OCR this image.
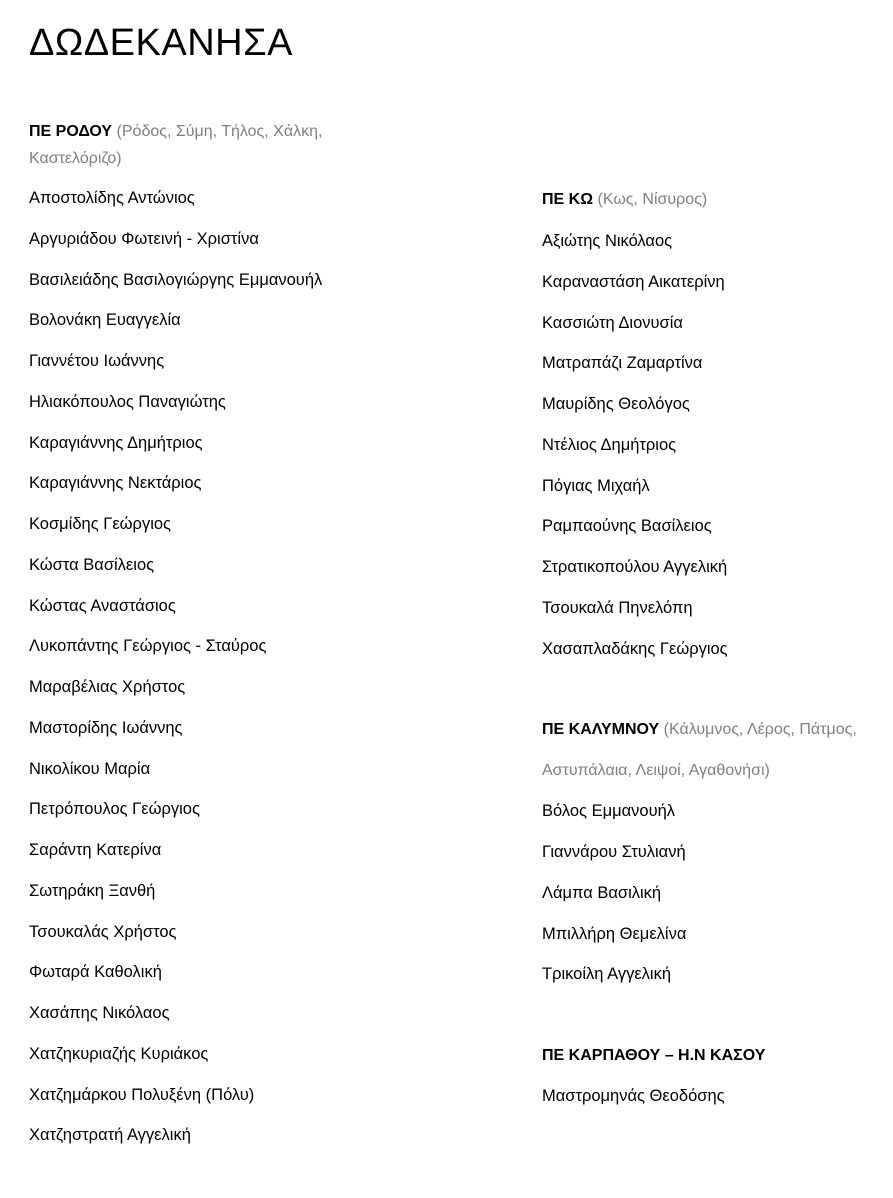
ΔΩΔΕΚΑΝΗΣΑ
ΠΕ ΡΟΔΟΥ (Ρόδος, Σύμη, Τήλος, Χάλκη, Καστελόριζο)
Αποστολίδης Αντώνιος
Αργυριάδου Φωτεινή - Χριστίνα
Βασιλειάδης Βασιλογιώργης Εμμανουήλ
Βολονάκη Ευαγγελία
Γιαννέτου Ιωάννης
Ηλιακόπουλος Παναγιώτης
Καραγιάννης Δημήτριος
Καραγιάννης Νεκτάριος
Κοσμίδης Γεώργιος
Κώστα Βασίλειος
Κώστας Αναστάσιος
Λυκοπάντης Γεώργιος - Σταύρος
Μαραβέλιας Χρήστος
Μαστορίδης Ιωάννης
Νικολίκου Μαρία
Πετρόπουλος Γεώργιος
Σαράντη Κατερίνα
Σωτηράκη Ξανθή
Τσουκαλάς Χρήστος
Φωταρά Καθολική
Χασάπης Νικόλαος
Χατζηκυριαζής Κυριάκος
Χατζημάρκου Πολυξένη (Πόλυ)
Χατζηστρατή Αγγελική
ΠΕ ΚΩ (Κως, Νίσυρος)
Αξιώτης Νικόλαος
Καραναστάση Αικατερίνη
Κασσιώτη Διονυσία
Ματραπάζι Ζαμαρτίνα
Μαυρίδης Θεολόγος
Ντέλιος Δημήτριος
Πόγιας Μιχαήλ
Ραμπαούνης Βασίλειος
Στρατικοπούλου Αγγελική
Τσουκαλά Πηνελόπη
Χασαπλαδάκης Γεώργιος
ΠΕ ΚΑΛΥΜΝΟΥ (Κάλυμνος, Λέρος, Πάτμος, Αστυπάλαια, Λειψοί, Αγαθονήσι)
Βόλος Εμμανουήλ
Γιαννάρου Στυλιανή
Λάμπα Βασιλική
Μπιλλήρη Θεμελίνα
Τρικοίλη Αγγελική
ΠΕ ΚΑΡΠΑΘΟΥ – Η.Ν ΚΑΣΟΥ
Μαστρομηνάς Θεοδόσης
